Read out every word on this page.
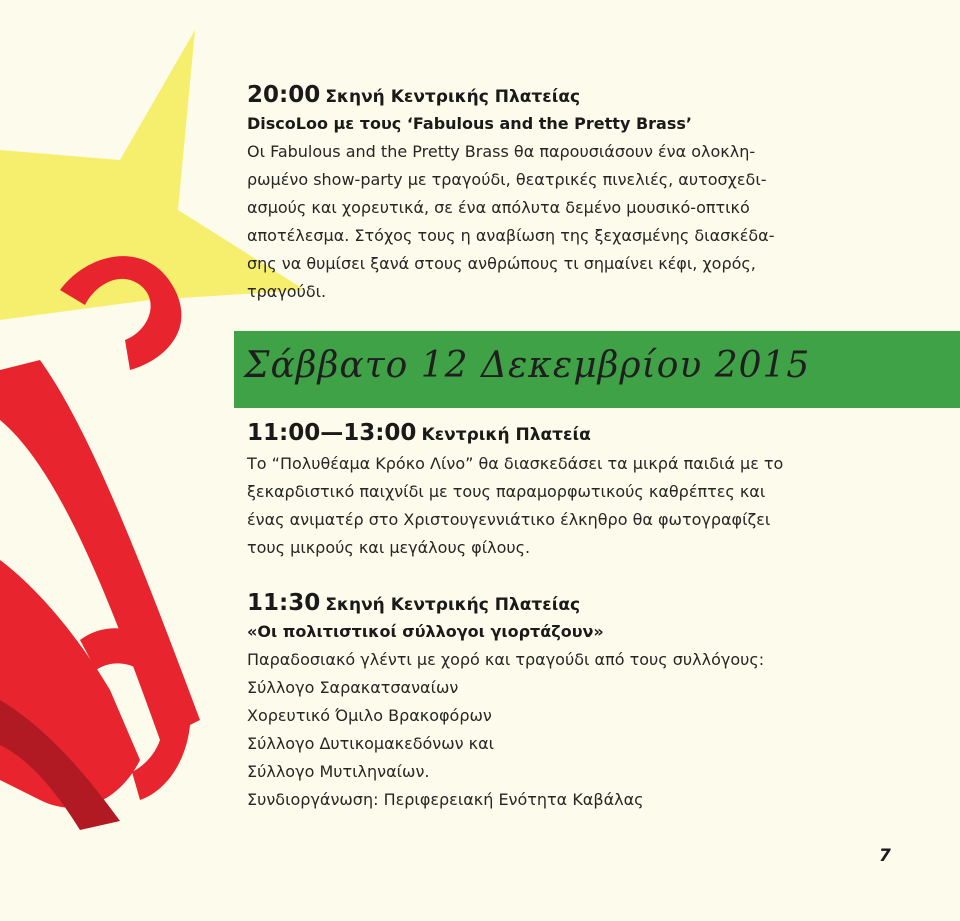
20:00 Σκηνή Κεντρικής Πλατείας
DiscoLoo με τους ‘Fabulous and the Pretty Brass’

Οι Fabulous and the Pretty Brass θα παρουσιάσουν ένα ολοκλη-

ρωμένο show-party με τραγούδι, θεατρικές πινελιές, αυτοσχεδι-

ασμούς και χορευτικά, σε ένα απόλυτα δεμένο μουσικό-οπτικό

αποτέλεσμα. Στόχος τους η αναβίωση της ξεχασμένης διασκέδα-

σης να θυμίσει ξανά στους ανθρώπους τι σημαίνει κέφι, χορός,

τραγούδι.

Σάββατο 12 Δεκεμβρίου 2015
11:00—13:00 Κεντρική Πλατεία

Το “Πολυθέαμα Κρόκο Λίνο” θα διασκεδάσει τα μικρά παιδιά με το

ξεκαρδιστικό παιχνίδι με τους παραμορφωτικούς καθρέπτες και

ένας ανιματέρ στο Χριστουγεννιάτικο έλκηθρο θα φωτογραφίζει

τους μικρούς και μεγάλους φίλους.

11:30 Σκηνή Κεντρικής Πλατείας
«Οι πολιτιστικοί σύλλογοι γιορτάζουν»

Παραδοσιακό γλέντι με χορό και τραγούδι από τους συλλόγους:

Σύλλογο Σαρακατσαναίων

Χορευτικό Όμιλο Βρακοφόρων

Σύλλογο Δυτικομακεδόνων και

Σύλλογο Μυτιληναίων.

Συνδιοργάνωση: Περιφερειακή Ενότητα Καβάλας

7
